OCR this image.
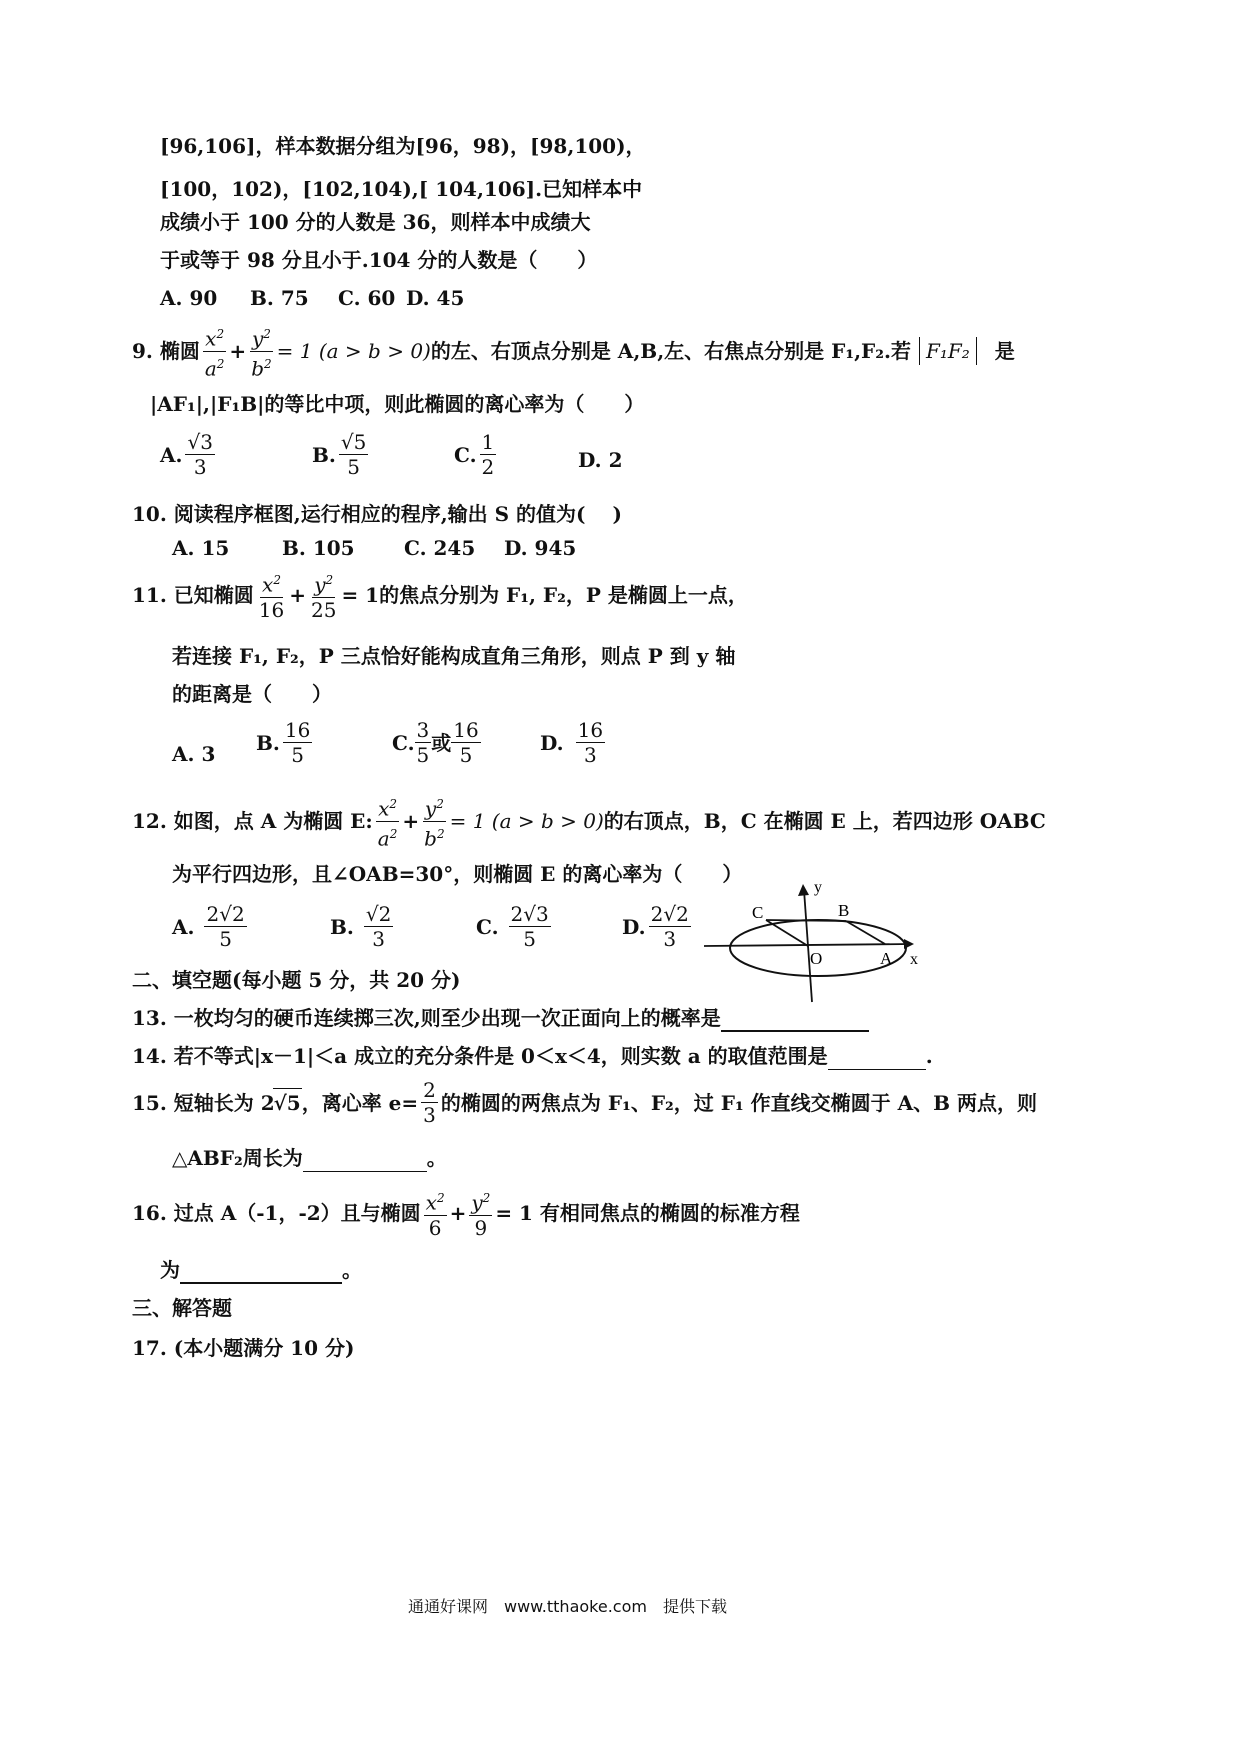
[96,106]，样本数据分组为[96，98)，[98,100)，
[100，102)，[102,104),[ 104,106].已知样本中
成绩小于 100 分的人数是 36，则样本中成绩大
于或等于 98 分且小于.104 分的人数是（　　）
A. 90 B. 75 C. 60 D. 45
9. 椭圆 $\frac{x^2}{a^2} + \frac{y^2}{b^2} = 1$ (a > b > 0) 的左、右顶点分别是 A,B,左、右焦点分别是 F₁,F₂.若 F₁F₂	是
|AF₁|,|F₁B|的等比中项，则此椭圆的离心率为（　　）
A. $\frac{√3}{3}$	B. $\frac{√5}{5}$	C. $\frac{1}{2}$	D.
2
10. 阅读程序框图,运行相应的程序,输出 S 的值为(　 )
A. 15	B. 105 C. 245 D. 945
11. 已知椭圆 $\frac{x^2}{16} + \frac{y^2}{25} = 1$ 的焦点分别为 F₁, F₂，P 是椭圆上一点，
若连接 F₁, F₂，P 三点恰好能构成直角三角形，则点 P 到 y 轴
的距离是（　　）
A. 3 B. $\frac{16}{5}$	C. $\frac{3}{5}$ 或 $\frac{16}{5}$	D. $\frac{16}{3}$
12. 如图，点 A 为椭圆 E: $\frac{x^2}{a^2} + \frac{y^2}{b^2} = 1$ (a > b > 0) 的右顶点，B，C 在椭圆 E 上，若四边形 OABC
为平行四边形，且∠OAB=30°，则椭圆 E 的离心率为（　　）
A. $\frac{2√2}{5}$	B. $\frac{√2}{3}$	C. $\frac{2√3}{5}$	D. $\frac{2√2}{3}$
y
x
C	B
O	A
二、填空题(每小题 5 分，共 20 分)
13. 一枚均匀的硬币连续掷三次,则至少出现一次正面向上的概率是
14. 若不等式|x－1|＜a 成立的充分条件是 0＜x＜4，则实数 a 的取值范围是	.
15. 短轴长为 2 √5 ，离心率 $e= \frac{2}{3}$ 的椭圆的两焦点为 F₁、F₂，过 F₁ 作直线交椭圆于 A、B 两点，则
△ABF₂周长为	。
16. 过点 A（-1，-2）且与椭圆 $\frac{x^2}{6} + \frac{y^2}{9} = 1$ 有相同焦点的椭圆的标准方程
为	。
三、解答题
17. (本小题满分 10 分)
通通好课网　www.tthaoke.com　提供下载
